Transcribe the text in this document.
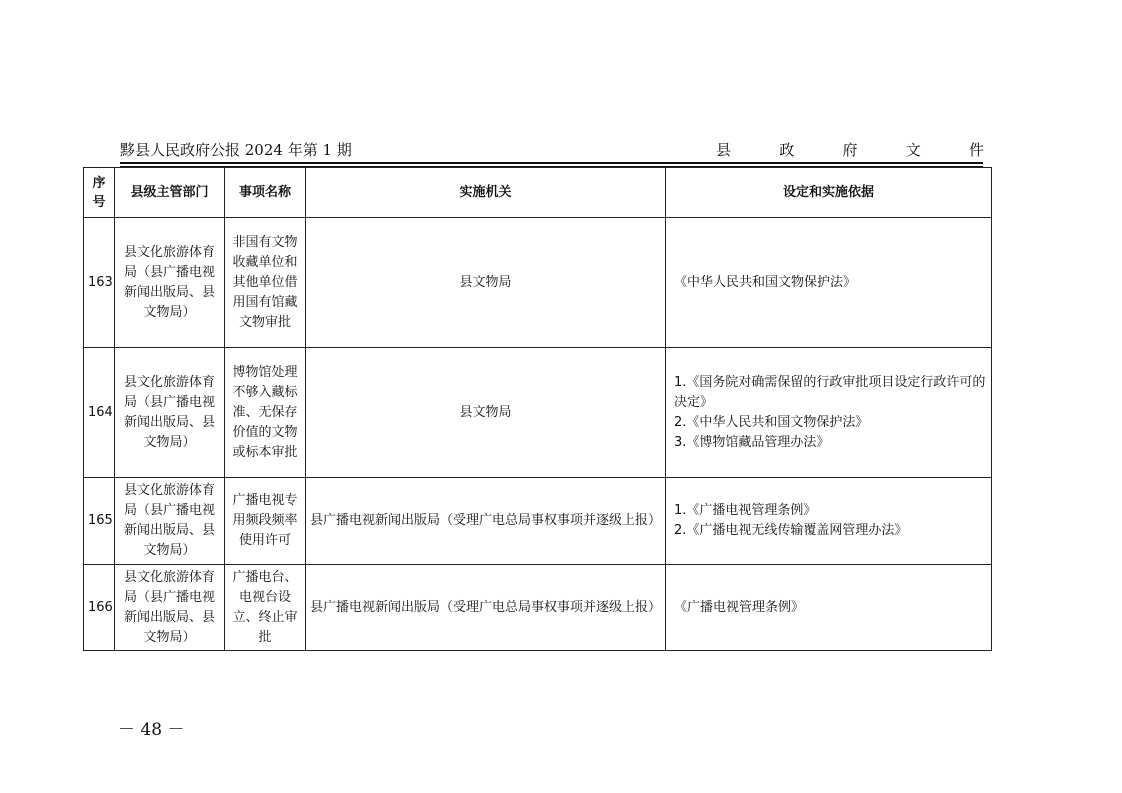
黟县人民政府公报 2024 年第 1 期	县	政	府	文	件
序号	县级主管部门	事项名称	实施机关	设定和实施依据
163	县文化旅游体育局（县广播电视新闻出版局、县文物局）	非国有文物收藏单位和其他单位借用国有馆藏文物审批	县文物局	《中华人民共和国文物保护法》

164	县文化旅游体育局（县广播电视新闻出版局、县文物局）	博物馆处理不够入藏标准、无保存价值的文物或标本审批	县文物局	1.《国务院对确需保留的行政审批项目设定行政许可的决定》
2.《中华人民共和国文物保护法》
3.《博物馆藏品管理办法》

165	县文化旅游体育局（县广播电视新闻出版局、县文物局）	广播电视专用频段频率使用许可	县广播电视新闻出版局（受理广电总局事权事项并逐级上报）	1.《广播电视管理条例》
2.《广播电视无线传输覆盖网管理办法》

166	县文化旅游体育局（县广播电视新闻出版局、县文物局）	广播电台、电视台设立、终止审批	县广播电视新闻出版局（受理广电总局事权事项并逐级上报）	《广播电视管理条例》
－ 48 －
